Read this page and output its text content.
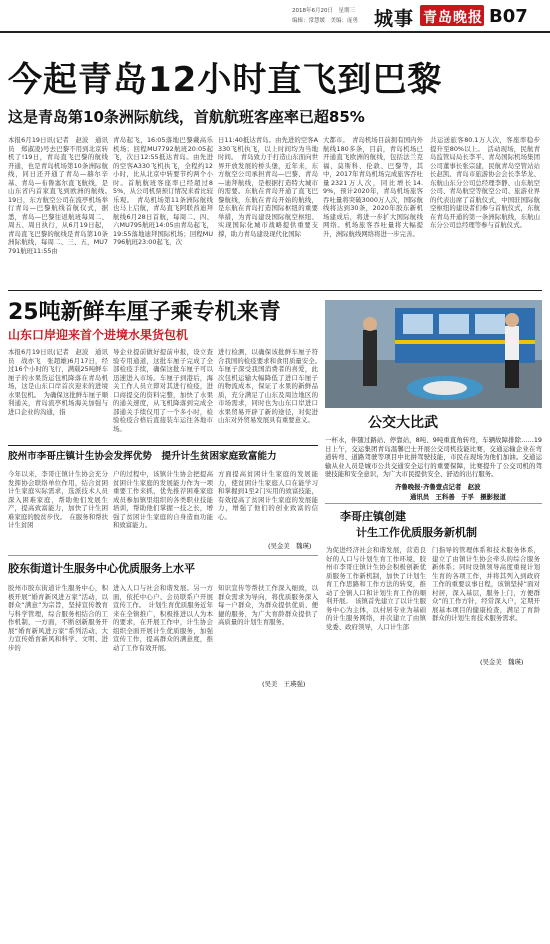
2018年6月20日　星期三
编辑：常慧媛　美编：庞勇 城事 青岛晚报 B07
今起青岛12小时直飞到巴黎
这是青岛第10条洲际航线，首航航班客座率已超85%
本报6月19日讯(记者　赵波　通讯员　郑淑凌)号去巴黎不用到北京转机了!19日，青岛直飞巴黎的航线开通，也是青岛机场第10条洲际航线，同日还开通了青岛—赫尔辛基、青岛—布鲁塞尔直飞航线，是山东省内首家直飞到欧洲的航线。　19日，东方航空公司在流亭机场举行青岛—巴黎航线首航仪式，据悉，青岛—巴黎往返航班每周二、周五、周日执行，从6月19日起，青岛直飞巴黎的航线是青岛第10条洲际航线，每周二、三、五，MU7791航班11:55由
青岛起飞，16:05落地巴黎戴高乐机场；回程MU7792航班20:05起飞，次日12:55抵达青岛。由先进的空客A330飞机执飞，全程约12小时，比从北京中转要节约两个小时。首航航班客座率已经超过85%，从公司机票预订情况来看比较乐观。　青岛机场第11条洲际航线也马上启航，青岛直飞阿联酋迪拜航线6月28日首航，每周二、四、六MU795航班14:05由青岛起飞，19:55落地迪拜国际机场；回程MU796航班23:00起飞，次
日11:40抵达青岛。由先进的空客A330飞机执飞，以上时间均为当地时间。　青岛致力于打造山东面向世界开放发展的桥头堡，近年来，东方航空公司承担青岛—巴黎、青岛—迪拜航线，是根据打造特大城市的需要。东航在青岛开通了直飞巴黎航线，东航在青岛开始的航线，是东航在青岛打造国际枢纽的重要举措，为青岛建设国际航空枢纽、实现国际化城市战略提供重要支撑，助力青岛建设现代化国际
大都市。　青岛机场目前拥有国内外航线180多条，目前，青岛机场已开通直飞欧洲的航线，包括法兰克福、莫斯科、伦敦、巴黎等，其中，2017年青岛机场完成旅客吞吐量2321万人次，同比增长14.9%，预计2020年，青岛机场旅客吞吐量将突破3000万人次，国际航线将达到30条，2020年胶东新机场建成后，将进一步扩大国际航线网络。机场旅客吞吐量将大幅提升，洲际航线网络将进一步完善。
共运送旅客80.1万人次，客座率稳步提升至80%以上。　活动现场，民航青岛监管局局长李平、青岛国际机场集团公司董事长张宗建，民航青岛空管站站长赵凯、青岛市旅游协会会长李华龙、东航山东分公司总经理李静、山东航空公司、青岛航空等航空公司、旅游业界的代表出席了首航仪式，中国驻国际航空枢纽的建设者们参与首航仪式，东航在青岛开通的第一条洲际航线，东航山东分公司总经理等参与首航仪式。
25吨新鲜车厘子乘专机来青
山东口岸迎来首个进境水果货包机
本报6月19日讯(记者　赵波　通讯员　战亦飞　张超雄)6月17日，经过16个小时的飞行，满载25吨鲜车厘子的水果货运包机降落在青岛机场，这是山东口岸首次迎来的进境水果包机。　为确保这批鲜车厘子顺利通关，青岛流亭机场海关加强与进口企业的沟通，指
导企业提前做好提前申报，设立查验专用通道，这批车厘子完成了全部检疫手续，确保这批车厘子可以迅速进入市场。车厘子到港后，海关工作人员立即对其进行检疫，进口商提交的资料完整，加快了水果的通关速度，从飞机降落到完成全部通关手续仅用了一个多小时，检验检疫合格后直接装车运往各地市场。
进行检测，以确保该批鲜车厘子符合我国的检疫要求和食用质量安全。　车厘子深受我国消费者的喜爱，此次包机运输大幅降低了进口车厘子的物流成本，保证了水果的新鲜品质，充分满足了山东及周边地区的市场需求，同时也为山东口岸进口水果贸易开辟了新的途径，对促进山东对外贸易发展具有重要意义。	公交大比武
一杯水，伴随过路站、停靠站，8吨、9吨重直角转弯，车辆故障排除……19日上午，交运集团青岛温馨巴士开展公交司机技能比赛，交通运输企业在弯道转弯、道路驾驶等项目中比拼驾驶技能，市民在现场为他们加油。交通运输从业人员是城市公共交通安全运行的重要保障，比赛提升了公交司机的驾驶技能和安全意识，为广大市民提供安全、舒适的出行服务。
齐鲁晚报·齐鲁壹点记者　赵波
通讯员　王科善　于孚　摄影报道
李哥庄镇创建
计生工作优质服务新机制
为促进经济社会和谐发展，营造良好的人口与计划生育工作环境，胶州市李哥庄镇计生协会积极创新优质服务工作新机制，加快了计划生育工作思路和工作方法的转变，推动了全镇人口和计划生育工作的顺利开展。　该镇首先建立了以计生服务中心为主体，以村居专业为基础的计生服务网络，并次建立了由镇党委、政府领导，人口计生部
门指导的管理体系和技术服务体系，建立了由镇计生协会牵头的综合服务新体系；同时设镇领导高度重视计划生育的各项工作，并将其列入到政府工作的重要议事日程，该镇坚持“面对村居，深入基层，服务上门，方便群众”的工作方针，经常深入户，定期开展基本项目的健康检查，满足了育龄群众的计划生育技术服务需求。
(吴金美　魏瑛)
胶州市李哥庄镇计生协会发挥优势　提升计生贫困家庭致富能力
今年以来，李哥庄镇计生协会充分发挥协会联络单位作用，结合贫困计生家庭实际需求，选派技术人员深入困难家庭，帮助他们发展生产，提高致富能力，加快了计生困难家庭的脱贫步伐。　在服务和帮扶计生贫困
户的过程中，该镇计生协会把提高贫困计生家庭的发展能力作为一项重要工作来抓，优先推荐困难家庭成员参加镇里组织的各类职业技能培训，帮助他们掌握一技之长，增强了贫困计生家庭的自身造血功能和致富能力。
方面提高贫困计生家庭的发展能力，使贫困计生家庭人口在能学习和掌握到1至2门实用的致富技能，有效提高了贫困计生家庭的发展能力，增强了他们的创业致富的信心。
(吴金美　魏瑛)
胶东街道计生服务中心优质服务上水平
胶州市胶东街道计生服务中心，积极开展“婚育新风进万家”活动，以群众“满意”为宗旨，坚持宣传教育与科学管理，综合服务相结合的工作机制，一方面，不断创新服务开展“婚育新风进万家”系列活动，大力宣传婚育新风和科学、文明、进步的
进入人口与社会和谐发展。另一方面，依托中心户、会员联系户开展宣传工作。　计划生育优质服务近年来在全镇推广，积极推进以人为本的要求，在开展工作中，计生协会组织全面开展计生优质服务，加强宣传工作，提高群众的满意度，推动了工作有效开展。
知识宣传等帮扶工作深入细致，以群众需求为导向，将优质服务深入每一户群众，为群众提供优质、便捷的服务，为广大育龄群众提供了高质量的计划生育服务。
(吴美　王瑛强)
